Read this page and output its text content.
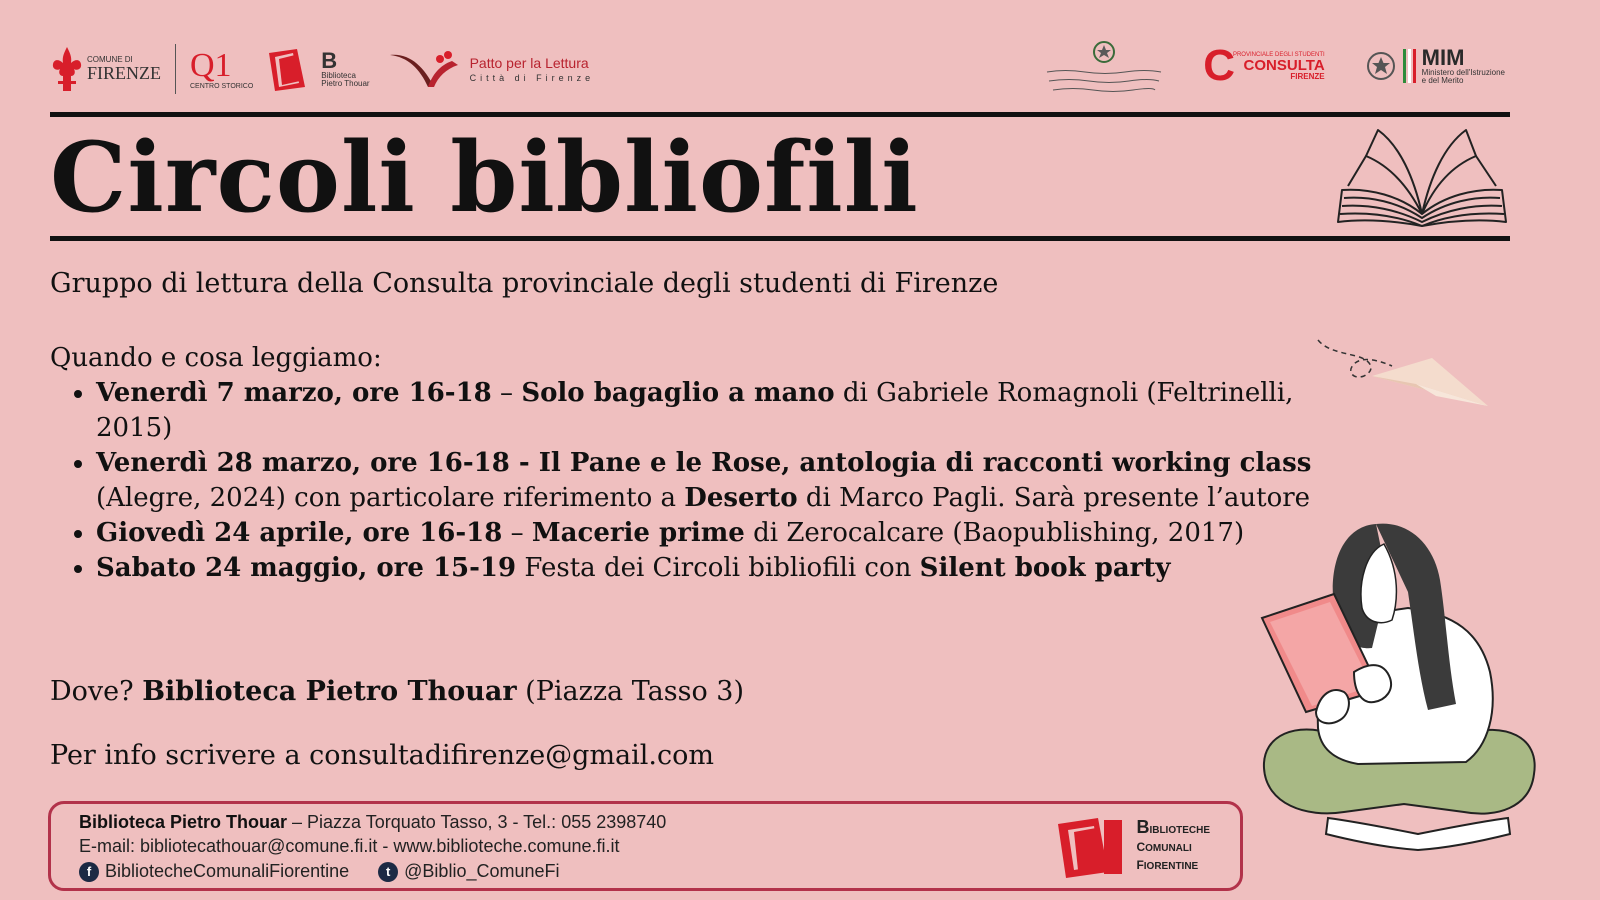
COMUNE DI
FIRENZE Q1
CENTRO STORICO
B
Biblioteca
Pietro Thouar
Patto per la Lettura
Città di Firenze	C
PROVINCIALE DEGLI STUDENTI
CONSULTA
FIRENZE
MIM
Ministero dell'Istruzione
e del Merito
Circoli bibliofili

Gruppo di lettura della Consulta provinciale degli studenti di Firenze

Quando e cosa leggiamo:

• Venerdì 7 marzo, ore 16-18 – Solo bagaglio a mano di Gabriele Romagnoli (Feltrinelli, 2015)
• Venerdì 28 marzo, ore 16-18 - Il Pane e le Rose, antologia di racconti working class (Alegre, 2024) con particolare riferimento a Deserto di Marco Pagli. Sarà presente l’autore
• Giovedì 24 aprile, ore 16-18 – Macerie prime di Zerocalcare (Baopublishing, 2017)
• Sabato 24 maggio, ore 15-19 Festa dei Circoli bibliofili con Silent book party

Dove? Biblioteca Pietro Thouar (Piazza Tasso 3)

Per info scrivere a consultadifirenze@gmail.com

Biblioteca Pietro Thouar – Piazza Torquato Tasso, 3 - Tel.: 055 2398740
E-mail: bibliotecathouar@comune.fi.it - www.biblioteche.comune.fi.it
f BibliotecheComunaliFiorentine
	t @Biblio_ComuneFi
BIBLIOTECHE
COMUNALI
FIORENTINE
